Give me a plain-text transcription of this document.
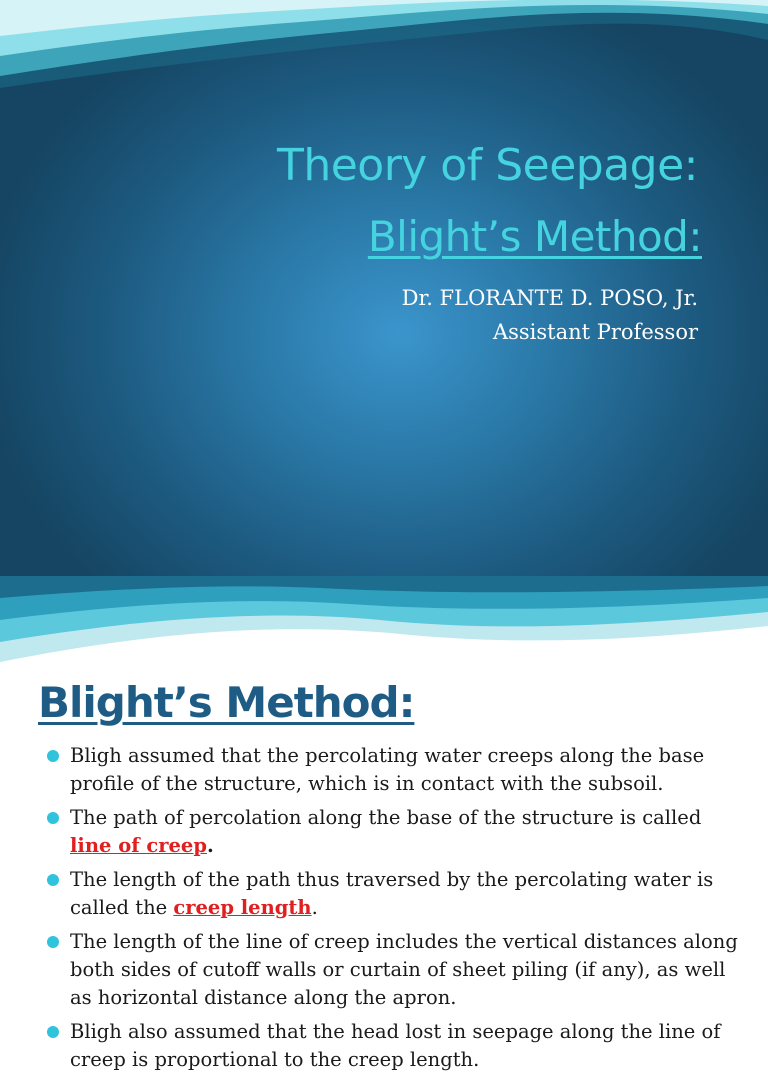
Theory of Seepage:
Blight’s Method:
Dr. FLORANTE D. POSO, Jr.
Assistant Professor
Blight’s Method:
Bligh assumed that the percolating water creeps along the base profile of the structure, which is in contact with the subsoil.
The path of percolation along the base of the structure is called line of creep.
The length of the path thus traversed by the percolating water is called the creep length.
The length of the line of creep includes the vertical distances along both sides of cutoff walls or curtain of sheet piling (if any), as well as horizontal distance along the apron.
Bligh also assumed that the head lost in seepage along the line of creep is proportional to the creep length.
